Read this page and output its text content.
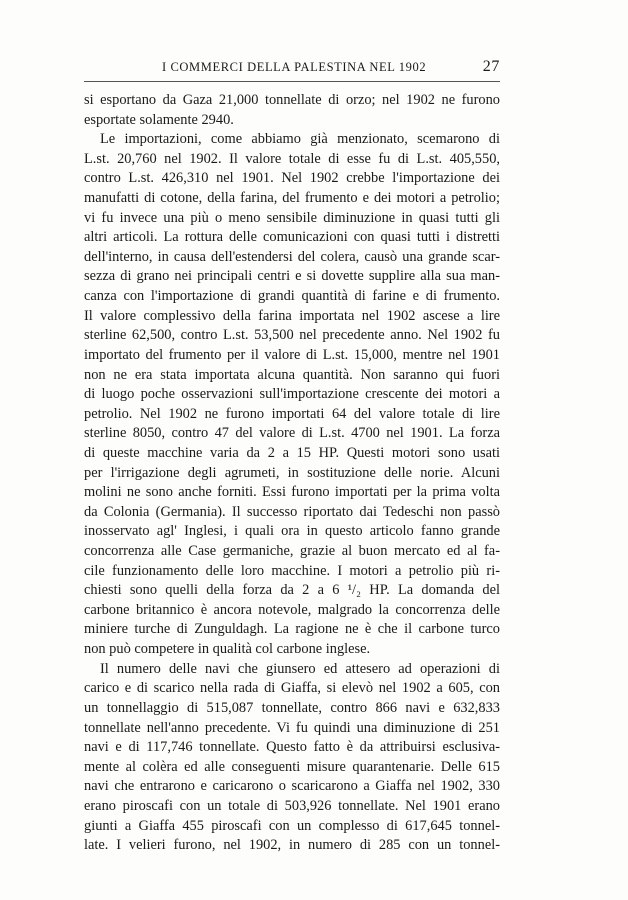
I COMMERCI DELLA PALESTINA NEL 1902	27
si esportano da Gaza 21,000 tonnellate di orzo; nel 1902 ne furono
esportate solamente 2940.
Le importazioni, come abbiamo già menzionato, scemarono di
L.st. 20,760 nel 1902. Il valore totale di esse fu di L.st. 405,550,
contro L.st. 426,310 nel 1901. Nel 1902 crebbe l'importazione dei
manufatti di cotone, della farina, del frumento e dei motori a petrolio;
vi fu invece una più o meno sensibile diminuzione in quasi tutti gli
altri articoli. La rottura delle comunicazioni con quasi tutti i distretti
dell'interno, in causa dell'estendersi del colera, causò una grande scar-
sezza di grano nei principali centri e si dovette supplire alla sua man-
canza con l'importazione di grandi quantità di farine e di frumento.
Il valore complessivo della farina importata nel 1902 ascese a lire
sterline 62,500, contro L.st. 53,500 nel precedente anno. Nel 1902 fu
importato del frumento per il valore di L.st. 15,000, mentre nel 1901
non ne era stata importata alcuna quantità. Non saranno qui fuori
di luogo poche osservazioni sull'importazione crescente dei motori a
petrolio. Nel 1902 ne furono importati 64 del valore totale di lire
sterline 8050, contro 47 del valore di L.st. 4700 nel 1901. La forza
di queste macchine varia da 2 a 15 HP. Questi motori sono usati
per l'irrigazione degli agrumeti, in sostituzione delle norie. Alcuni
molini ne sono anche forniti. Essi furono importati per la prima volta
da Colonia (Germania). Il successo riportato dai Tedeschi non passò
inosservato agl' Inglesi, i quali ora in questo articolo fanno grande
concorrenza alle Case germaniche, grazie al buon mercato ed al fa-
cile funzionamento delle loro macchine. I motori a petrolio più ri-
chiesti sono quelli della forza da 2 a 6 ¹/₂ HP. La domanda del
carbone britannico è ancora notevole, malgrado la concorrenza delle
miniere turche di Zunguldagh. La ragione ne è che il carbone turco
non può competere in qualità col carbone inglese.
Il numero delle navi che giunsero ed attesero ad operazioni di
carico e di scarico nella rada di Giaffa, si elevò nel 1902 a 605, con
un tonnellaggio di 515,087 tonnellate, contro 866 navi e 632,833
tonnellate nell'anno precedente. Vi fu quindi una diminuzione di 251
navi e di 117,746 tonnellate. Questo fatto è da attribuirsi esclusiva-
mente al colèra ed alle conseguenti misure quarantenarie. Delle 615
navi che entrarono e caricarono o scaricarono a Giaffa nel 1902, 330
erano piroscafi con un totale di 503,926 tonnellate. Nel 1901 erano
giunti a Giaffa 455 piroscafi con un complesso di 617,645 tonnel-
late. I velieri furono, nel 1902, in numero di 285 con un tonnel-
